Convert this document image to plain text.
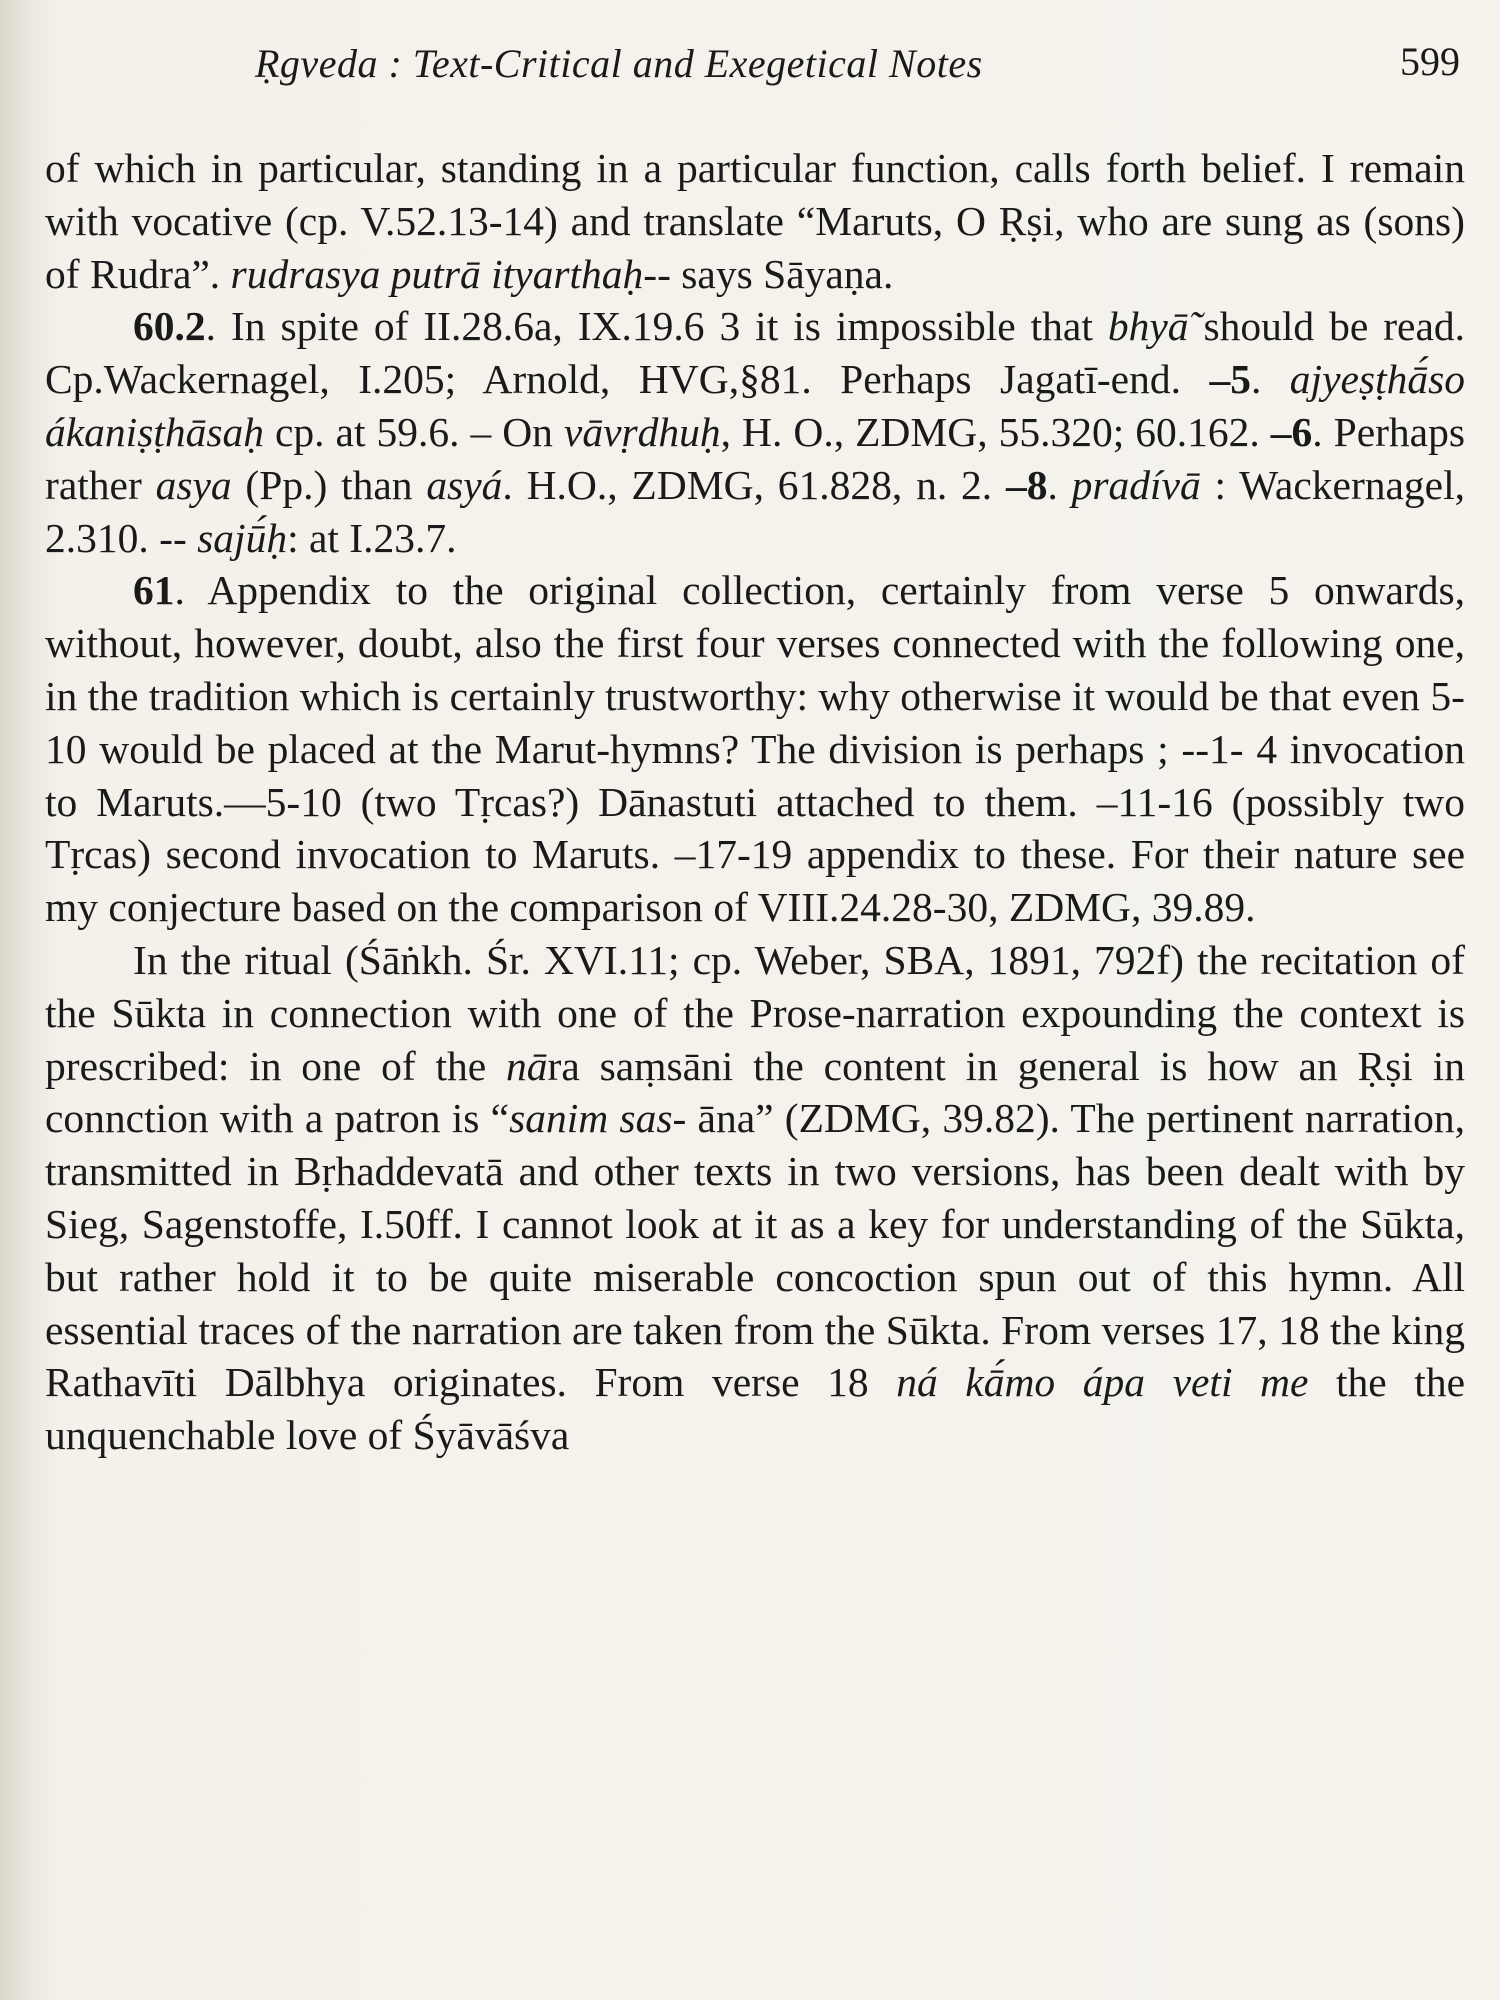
Ṛgveda : Text-Critical and Exegetical Notes	599

of which in particular, standing in a particular function, calls forth belief. I remain with vocative (cp. V.52.13-14) and translate “Maruts, O Ṛṣi, who are sung as (sons) of Rudra”. rudrasya putrā ityarthaḥ-- says Sāyaṇa.

60.2. In spite of II.28.6a, IX.19.6 3 it is impossible that bhyā̃ should be read. Cp.Wackernagel, I.205; Arnold, HVG,§81. Perhaps Jagatī-end. –5. ajyeṣṭhā́so ákaniṣṭhāsaḥ cp. at 59.6. – On vāvṛdhuḥ, H. O., ZDMG, 55.320; 60.162. –6. Perhaps rather asya (Pp.) than asyá. H.O., ZDMG, 61.828, n. 2. –8. pradívā : Wackernagel, 2.310. -- sajū́ḥ: at I.23.7.

61. Appendix to the original collection, certainly from verse 5 onwards, without, however, doubt, also the first four verses connected with the following one, in the tradition which is certainly trustworthy: why otherwise it would be that even 5-10 would be placed at the Marut-hymns? The division is perhaps ; --1- 4 invocation to Maruts.—5-10 (two Tṛcas?) Dānastuti attached to them. –11-16 (possibly two Tṛcas) second invocation to Maruts. –17-19 appendix to these. For their nature see my conjecture based on the comparison of VIII.24.28-30, ZDMG, 39.89.

In the ritual (Śāṅkh. Śr. XVI.11; cp. Weber, SBA, 1891, 792f) the recitation of the Sūkta in connection with one of the Prose-narration expounding the context is prescribed: in one of the nāra saṃsāni the content in general is how an Ṛṣi in connction with a patron is “sanim sas- āna” (ZDMG, 39.82). The pertinent narration, transmitted in Bṛhaddevatā and other texts in two versions, has been dealt with by Sieg, Sagenstoffe, I.50ff. I cannot look at it as a key for understanding of the Sūkta, but rather hold it to be quite miserable concoction spun out of this hymn. All essential traces of the narration are taken from the Sūkta. From verses 17, 18 the king Rathavīti Dālbhya originates. From verse 18 ná kā́mo ápa veti me the the unquenchable love of Śyāvāśva
